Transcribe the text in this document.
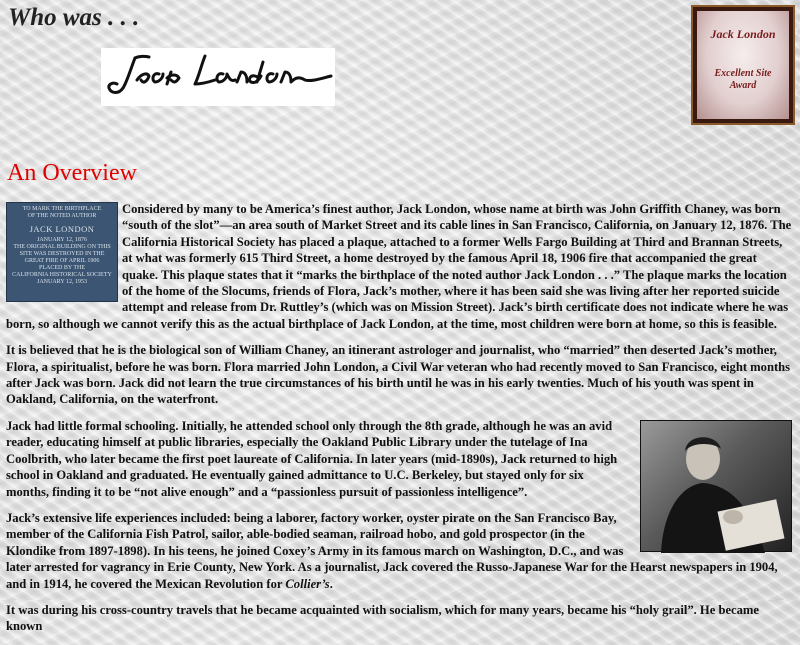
Who was . . .
Jack London
Excellent Site Award
An Overview

TO MARK THE BIRTHPLACE
OF THE NOTED AUTHOR
JACK LONDON
JANUARY 12, 1876
THE ORIGINAL BUILDING ON THIS SITE WAS DESTROYED IN THE GREAT FIRE OF APRIL 1906
PLACED BY THE
CALIFORNIA HISTORICAL SOCIETY
JANUARY 12, 1953
Considered by many to be America’s finest author, Jack London, whose name at birth was John Griffith Chaney, was born “south of the slot”—an area south of Market Street and its cable lines in San Francisco, California, on January 12, 1876. The California Historical Society has placed a plaque, attached to a former Wells Fargo Building at Third and Brannan Streets, at what was formerly 615 Third Street, a home destroyed by the famous April 18, 1906 fire that accompanied the great quake. This plaque states that it “marks the birthplace of the noted author Jack London . . .” The plaque marks the location of the home of the Slocums, friends of Flora, Jack’s mother, where it has been said she was living after her reported suicide attempt and release from Dr. Ruttley’s (which was on Mission Street). Jack’s birth certificate does not indicate where he was born, so although we cannot verify this as the actual birthplace of Jack London, at the time, most children were born at home, so this is feasible.

It is believed that he is the biological son of William Chaney, an itinerant astrologer and journalist, who “married” then deserted Jack’s mother, Flora, a spiritualist, before he was born. Flora married John London, a Civil War veteran who had recently moved to San Francisco, eight months after Jack was born. Jack did not learn the true circumstances of his birth until he was in his early twenties. Much of his youth was spent in Oakland, California, on the waterfront.

Jack had little formal schooling. Initially, he attended school only through the 8th grade, although he was an avid reader, educating himself at public libraries, especially the Oakland Public Library under the tutelage of Ina Coolbrith, who later became the first poet laureate of California. In later years (mid-1890s), Jack returned to high school in Oakland and graduated. He eventually gained admittance to U.C. Berkeley, but stayed only for six months, finding it to be “not alive enough” and a “passionless pursuit of passionless intelligence”.

Jack’s extensive life experiences included: being a laborer, factory worker, oyster pirate on the San Francisco Bay, member of the California Fish Patrol, sailor, able-bodied seaman, railroad hobo, and gold prospector (in the Klondike from 1897-1898). In his teens, he joined Coxey’s Army in its famous march on Washington, D.C., and was later arrested for vagrancy in Erie County, New York. As a journalist, Jack covered the Russo-Japanese War for the Hearst newspapers in 1904, and in 1914, he covered the Mexican Revolution for Collier’s.

It was during his cross-country travels that he became acquainted with socialism, which for many years, became his “holy grail”. He became known
